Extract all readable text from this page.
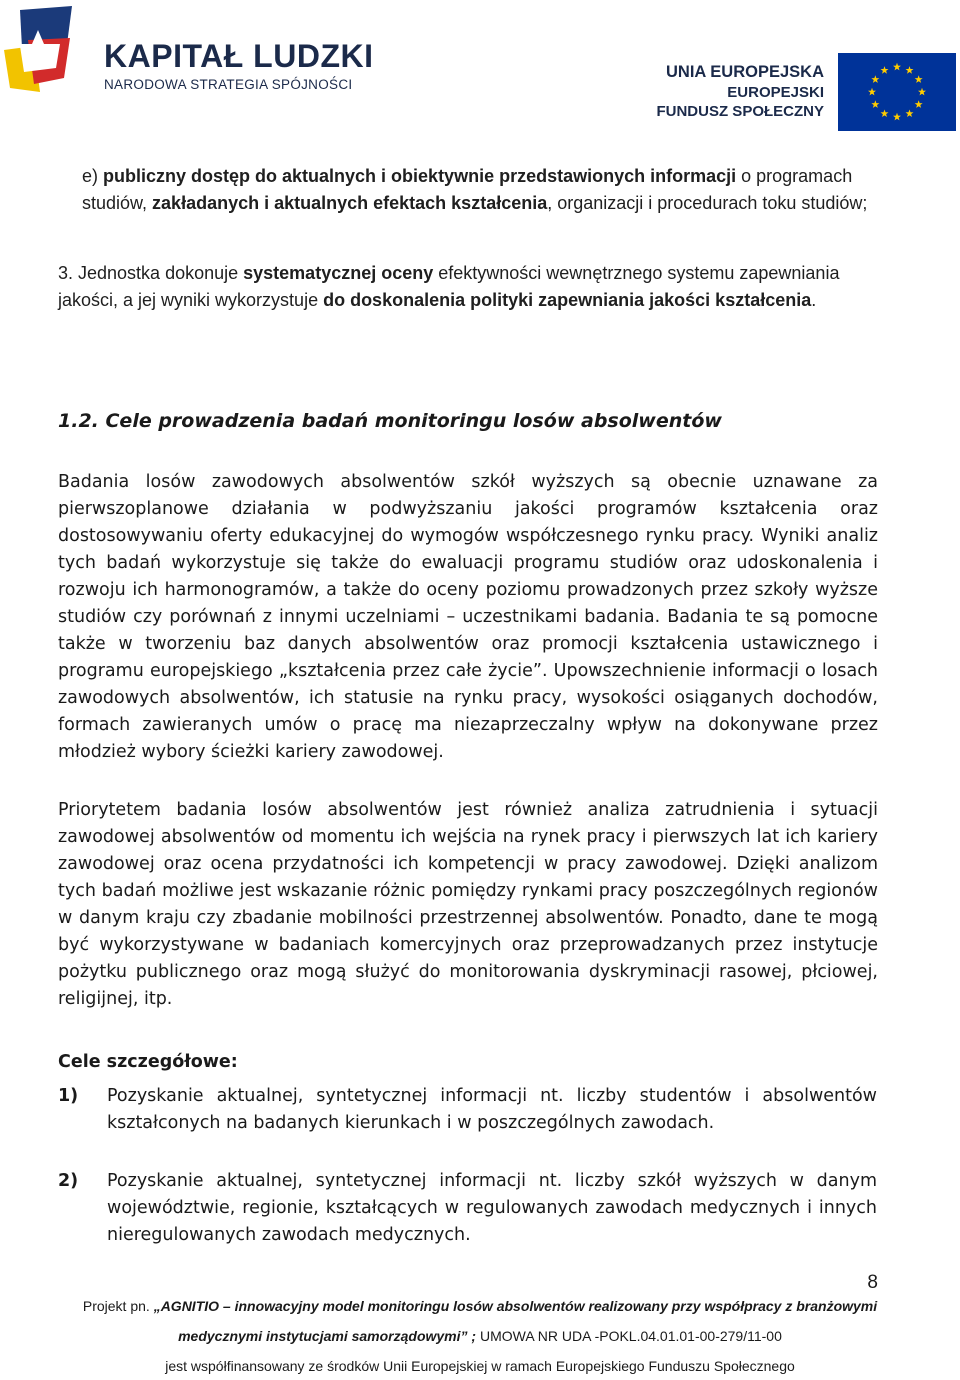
KAPITAŁ LUDZKI
NARODOWA STRATEGIA SPÓJNOŚCI
UNIA EUROPEJSKA
EUROPEJSKI
FUNDUSZ SPOŁECZNY

e) publiczny dostęp do aktualnych i obiektywnie przedstawionych informacji o programach studiów, zakładanych i aktualnych efektach kształcenia, organizacji i procedurach toku studiów;

3. Jednostka dokonuje systematycznej oceny efektywności wewnętrznego systemu zapewniania jakości, a jej wyniki wykorzystuje do doskonalenia polityki zapewniania jakości kształcenia.

1.2. Cele prowadzenia badań monitoringu losów absolwentów

Badania losów zawodowych absolwentów szkół wyższych są obecnie uznawane za pierwszoplanowe działania w podwyższaniu jakości programów kształcenia oraz dostosowywaniu oferty edukacyjnej do wymogów współczesnego rynku pracy. Wyniki analiz tych badań wykorzystuje się także do ewaluacji programu studiów oraz udoskonalenia i rozwoju ich harmonogramów, a także do oceny poziomu prowadzonych przez szkoły wyższe studiów czy porównań z innymi uczelniami – uczestnikami badania. Badania te są pomocne także w tworzeniu baz danych absolwentów oraz promocji kształcenia ustawicznego i programu europejskiego „kształcenia przez całe życie”. Upowszechnienie informacji o losach zawodowych absolwentów, ich statusie na rynku pracy, wysokości osiąganych dochodów, formach zawieranych umów o pracę ma niezaprzeczalny wpływ na dokonywane przez młodzież wybory ścieżki kariery zawodowej.

Priorytetem badania losów absolwentów jest również analiza zatrudnienia i sytuacji zawodowej absolwentów od momentu ich wejścia na rynek pracy i pierwszych lat ich kariery zawodowej oraz ocena przydatności ich kompetencji w pracy zawodowej. Dzięki analizom tych badań możliwe jest wskazanie różnic pomiędzy rynkami pracy poszczególnych regionów w danym kraju czy zbadanie mobilności przestrzennej absolwentów. Ponadto, dane te mogą być wykorzystywane w badaniach komercyjnych oraz przeprowadzanych przez instytucje pożytku publicznego oraz mogą służyć do monitorowania dyskryminacji rasowej, płciowej, religijnej, itp.

Cele szczegółowe:
1) Pozyskanie aktualnej, syntetycznej informacji nt. liczby studentów i absolwentów kształconych na badanych kierunkach i w poszczególnych zawodach.

2) Pozyskanie aktualnej, syntetycznej informacji nt. liczby szkół wyższych w danym województwie, regionie, kształcących w regulowanych zawodach medycznych i innych nieregulowanych zawodach medycznych.

8
Projekt pn. „AGNITIO – innowacyjny model monitoringu losów absolwentów realizowany przy współpracy z branżowymi
medycznymi instytucjami samorządowymi” ; UMOWA NR UDA -POKL.04.01.01-00-279/11-00
jest współfinansowany ze środków Unii Europejskiej w ramach Europejskiego Funduszu Społecznego
